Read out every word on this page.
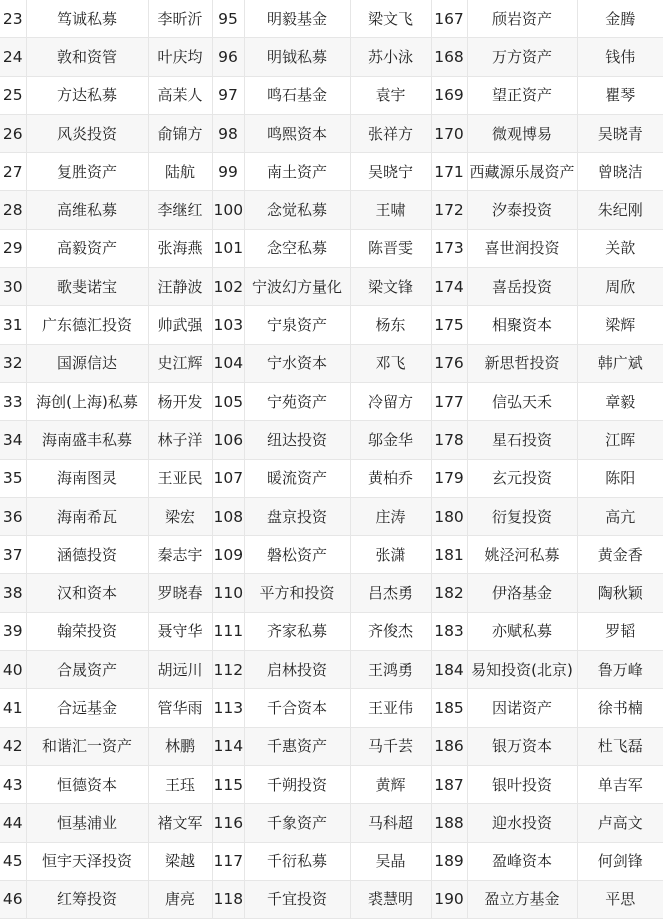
23	笃诚私募	李昕沂	95	明毅基金	梁文飞	167	颀岩资产	金腾
24	敦和资管	叶庆均	96	明钺私募	苏小泳	168	万方资产	钱伟
25	方达私募	高苿人	97	鸣石基金	袁宇	169	望正资产	瞿琴
26	风炎投资	俞锦方	98	鸣熙资本	张祥方	170	微观博易	吴晓青
27	复胜资产	陆航	99	南土资产	吴晓宁	171	西藏源乐晟资产	曾晓洁
28	高维私募	李继红	100	念觉私募	王啸	172	汐泰投资	朱纪刚
29	高毅资产	张海燕	101	念空私募	陈晋雯	173	喜世润投资	关歆
30	歌斐诺宝	汪静波	102	宁波幻方量化	梁文锋	174	喜岳投资	周欣
31	广东德汇投资	帅武强	103	宁泉资产	杨东	175	相聚资本	梁辉
32	国源信达	史江辉	104	宁水资本	邓飞	176	新思哲投资	韩广斌
33	海创(上海)私募	杨开发	105	宁苑资产	冷留方	177	信弘天禾	章毅
34	海南盛丰私募	林子洋	106	纽达投资	邬金华	178	星石投资	江晖
35	海南图灵	王亚民	107	暖流资产	黄柏乔	179	玄元投资	陈阳
36	海南希瓦	梁宏	108	盘京投资	庄涛	180	衍复投资	高亢
37	涵德投资	秦志宇	109	磐松资产	张潇	181	姚泾河私募	黄金香
38	汉和资本	罗晓春	110	平方和投资	吕杰勇	182	伊洛基金	陶秋颖
39	翰荣投资	聂守华	111	齐家私募	齐俊杰	183	亦赋私募	罗韬
40	合晟资产	胡远川	112	启林投资	王鸿勇	184	易知投资(北京)	鲁万峰
41	合远基金	管华雨	113	千合资本	王亚伟	185	因诺资产	徐书楠
42	和谐汇一资产	林鹏	114	千惠资产	马千芸	186	银万资本	杜飞磊
43	恒德资本	王珏	115	千朔投资	黄辉	187	银叶投资	单吉军
44	恒基浦业	褚文军	116	千象资产	马科超	188	迎水投资	卢高文
45	恒宇天泽投资	梁越	117	千衍私募	吴晶	189	盈峰资本	何剑锋
46	红筹投资	唐亮	118	千宜投资	裘慧明	190	盈立方基金	平思
